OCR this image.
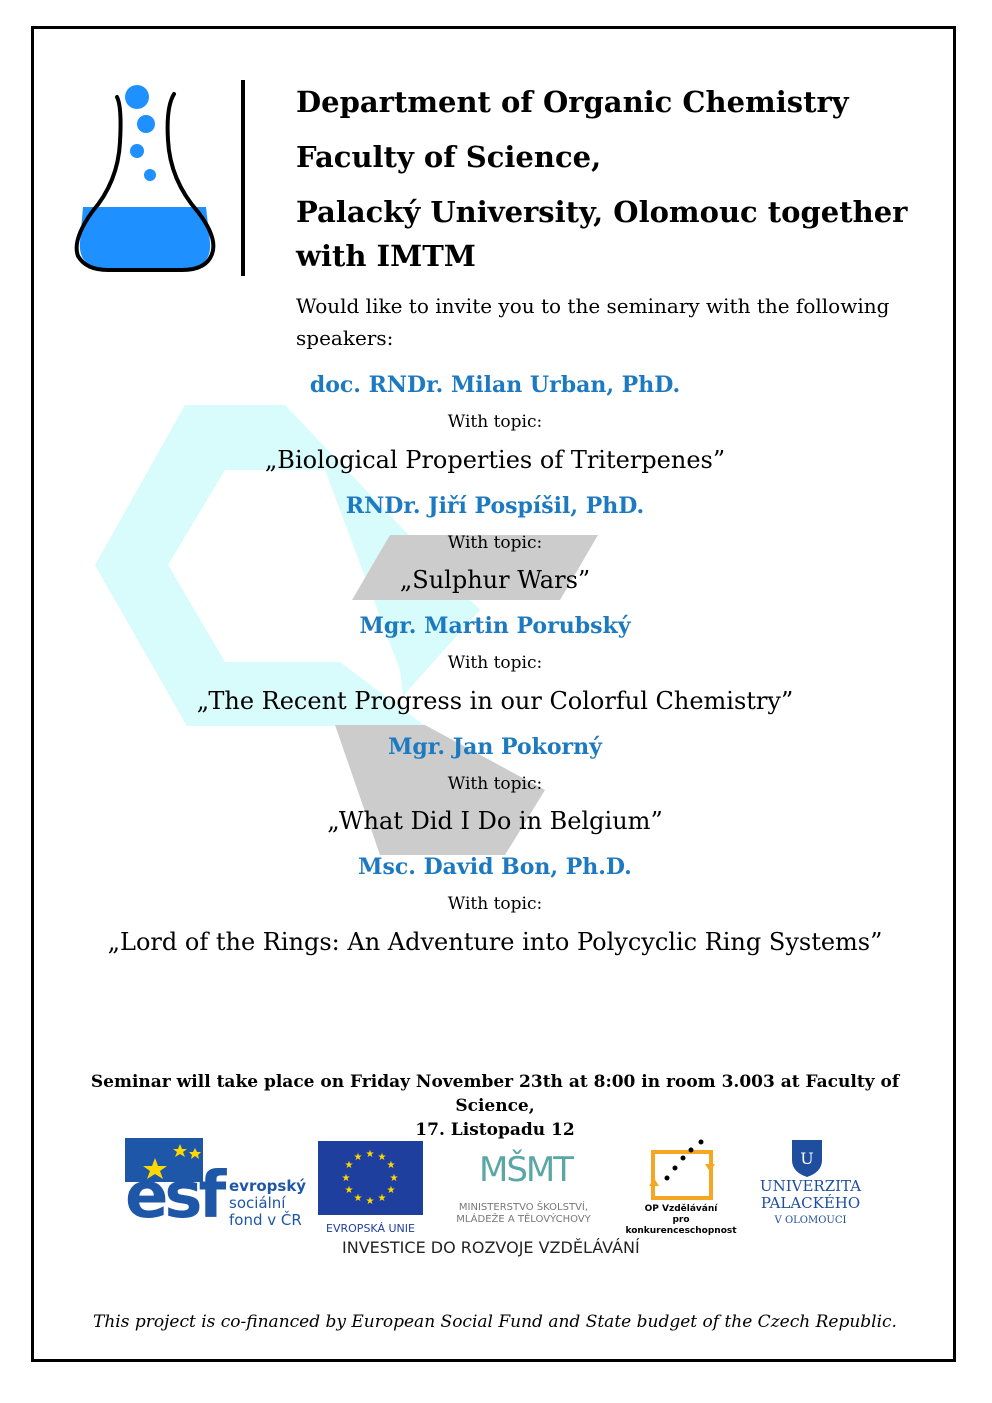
Department of Organic Chemistry
Faculty of Science,
Palacký University, Olomouc together
with IMTM
Would like to invite you to the seminary with the following speakers:
doc. RNDr. Milan Urban, PhD.
With topic:
„Biological Properties of Triterpenes”
RNDr. Jiří Pospíšil, PhD.
With topic:
„Sulphur Wars”
Mgr. Martin Porubský
With topic:
„The Recent Progress in our Colorful Chemistry”
Mgr. Jan Pokorný
With topic:
„What Did I Do in Belgium”
Msc. David Bon, Ph.D.
With topic:
„Lord of the Rings: An Adventure into Polycyclic Ring Systems”
Seminar will take place on Friday November 23th at 8:00 in room 3.003 at Faculty of Science,
17. Listopadu 12
esf evropský
sociální
fond v ČR
★ ★
★
★
★
★
★
★
★
★
★
★
EVROPSKÁ UNIE
MŠMT
MINISTERSTVO ŠKOLSTVÍ,
MLÁDEŽE A TĚLOVÝCHOVY
OP Vzdělávání
pro konkurenceschopnost
U
UNIVERZITA
PALACKÉHO
V OLOMOUCI
INVESTICE DO ROZVOJE VZDĚLÁVÁNÍ
This project is co-financed by European Social Fund and State budget of the Czech Republic.
